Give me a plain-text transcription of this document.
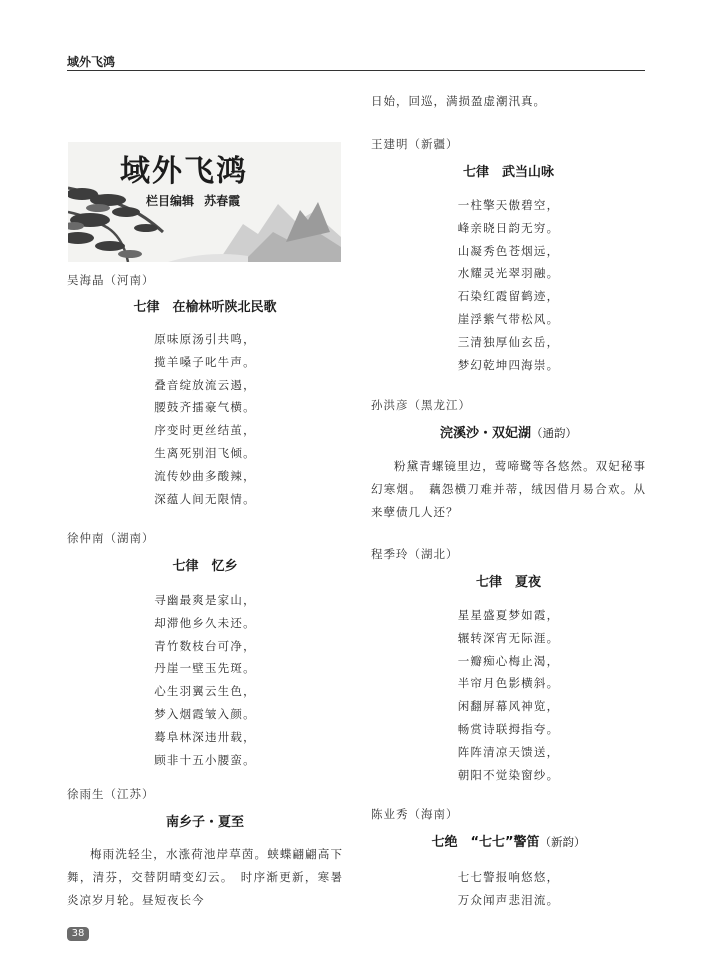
域外飞鸿
域外飞鸿
栏目编辑 苏春霞
吴海晶（河南）
七律　在榆林听陕北民歌
原味原汤引共鸣，
揽羊嗓子叱牛声。
叠音绽放流云遏，
腰鼓齐擂豪气横。
序变时更丝结茧，
生离死别泪飞倾。
流传妙曲多酸辣，
深蕴人间无限情。
徐仲南（湖南）
七律　忆乡
寻幽最爽是家山，
却滞他乡久未还。
青竹数枝台可净，
丹崖一壁玉先斑。
心生羽翼云生色，
梦入烟霞皱入颜。
蓦阜林深违卅载，
顾非十五小腰蛮。
徐雨生（江苏）
南乡子・夏至

梅雨洗轻尘，水涨荷池岸草茵。蛱蝶翩翩高下舞，清芬，交替阴晴变幻云。　时序渐更新，寒暑炎凉岁月轮。昼短夜长今

日始，回巡，满损盈虚潮汛真。
王建明（新疆）
七律　武当山咏
一柱擎天傲碧空，
峰亲晓日韵无穷。
山凝秀色苍烟远，
水耀灵光翠羽融。
石染红霞留鹤迹，
崖浮紫气带松风。
三清独厚仙玄岳，
梦幻乾坤四海崇。
孙洪彦（黑龙江）
浣溪沙・双妃湖（通韵）

粉黛青螺镜里边，莺啼鹭等各悠然。双妃秘事幻寒烟。　藕怨横刀难并蒂，绒因借月易合欢。从来孽债几人还？

程季玲（湖北）
七律　夏夜
星星盛夏梦如霞，
辗转深宵无际涯。
一瓣痴心梅止渴，
半帘月色影横斜。
闲翻屏幕风神览，
畅赏诗联拇指夸。
阵阵清凉天馈送，
朝阳不觉染窗纱。
陈业秀（海南）
七绝　“七七”警笛（新韵）
七七警报响悠悠，
万众闻声悲泪流。
38
